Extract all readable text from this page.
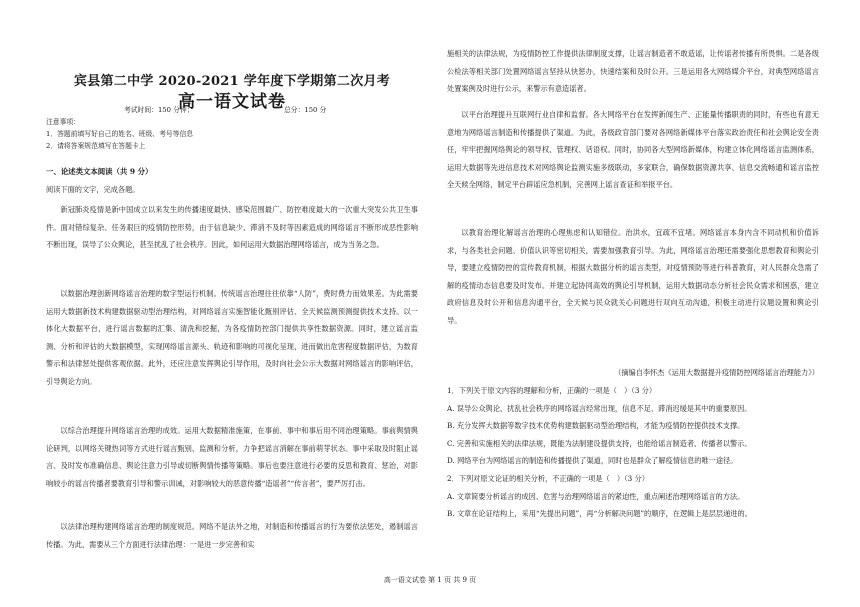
宾县第二中学 2020-2021 学年度下学期第二次月考
高一语文试卷
考试时间：150 分钟；	总分：150 分
注意事项：
1．答题前填写好自己的姓名、班级、考号等信息
2．请将答案规范填写在答题卡上
一、论述类文本阅读（共 9 分）
阅读下面的文字，完成各题。

新冠肺炎疫情是新中国成立以来发生的传播速度最快、感染范围最广、防控难度最大的一次重大突发公共卫生事件。面对错综复杂、任务艰巨的疫情防控形势，由于信息缺少、滞消不及时等因素造成的网络谣言不断形成恶性影响不断出现，误导了公众舆论，甚至扰乱了社会秩序。因此，如何运用大数据治理网络谣言，成为当务之急。

以数据治理创新网络谣言治理的数字型运行机制。传统谣言治理往往依靠“人防”，费时费力而效果差。为此需要运用大数据新技术构建数据驱动型治理结构，对网络谣言实施智能化甄别评估、全天候监测预测提供技术支持。以一体化大数据平台，进行谣言数据的汇集、清洗和挖掘，为各疫情防控部门提供共享性数据资源。同时，建立谣言监测、分析和评估的大数据模型，实现网络谣言源头、轨迹和影响的可视化呈现，进而做出危害程度数据评估，为数育警示和法律惩处提供客观依据。此外，还应注意发挥舆论引导作用，及时向社会公示大数据对网络谣言的影响评估，引导舆论方向。

以综合治理提升网络谣言治理的成效。运用大数据精准施策，在事前、事中和事后用不同治理策略。事前舆情舆论研判，以网络关键热词等方式进行谣言甄别、监测和分析，力争把谣言消解在事前萌芽状态。事中采取及时阻止谣言、及时发布准确信息、舆论注意力引导或切断舆情传播等策略。事后也要注意进行必要的反思和教育、惩治，对影响较小的谣言传播者要教育引导和警示训诫，对影响较大的恶意传播“造谣者”“传言者”，要严厉打击。

以法律治理构建网络谣言治理的制度规范。网络不是法外之地，对制造和传播谣言的行为要依法惩处，遏制谣言传播。为此，需要从三个方面进行法律治理：一是进一步完善和实

施相关的法律法规，为疫情防控工作提供法律制度支撑，让谣言制造者不敢造谣，让传谣者传播有所畏惧。二是各级公检法等相关部门处置网络谣言坚持从快惩办，快速结案和及时公开。三是运用各大网络媒介平台，对典型网络谣言处置案例及时进行公示，来警示有意造谣者。

以平台治理提升互联网行业自律和监督。各大网络平台在发挥新闻生产、正能量传播职责的同时，有些也有意无意地为网络谣言制造和传播提供了渠道。为此，各级政官部门要对各网络新媒体平台落实政治责任和社会舆论安全责任，牢牢把握网络舆论的领导权、管理权、话语权。同时，协同各大型网络新媒体，构建立体化网络谣言监测体系，运用大数据等先进信息技术对网络舆论监测实施多级联动，多家联合，确保数据资源共享、信息交流畅通和谣言监控全天候全网络，制定平台辟谣应急机制，完善网上谣言查证和举报平台。

以教育治理化解谣言治理的心理焦虑和认知错位。治洪水，宜疏不宜堵。网络谣言本身内含不同动机和价值诉求，与各类社会问题、价值认识等密切相关，需要加强教育引导。为此，网络谣言治理还需要强化思想教育和舆论引导，要建立疫情防控的宣传教育机制，根据大数据分析的谣言类型，对疫情预防等进行科普教育，对人民群众急需了解的疫情动态信息要及时发布。并建立起协同高效的舆论引导机制，运用大数据动态分析社会民众需求和困惑，建立政府信息及时公开和信息沟通平台，全天候与民众就关心问题进行双向互动沟通，积极主动进行议题设置和舆论引导。

（摘编自李怀杰《运用大数据提升疫情防控网络谣言治理能力》）
1．下列关于原文内容的理解和分析，正确的一项是（　）（3 分）
A. 误导公众舆论、扰乱社会秩序的网络谣言经常出现，信息不足、滞消迟缓是其中的重要原因。
B. 充分发挥大数据等数字技术优势构建数据驱动型治理结构，才能为疫情防控提供技术支撑。
C. 完善和实施相关的法律法规，既能为法制建设提供支持，也能给谣言制造者、传播者以警示。
D. 网络平台为网络谣言的制造和传播提供了渠道，同时也是群众了解疫情信息的唯一途径。
2．下列对原文论证的相关分析，不正确的一项是（　）（3 分）
A. 文章简要分析谣言的成因、危害与治理网络谣言的紧迫性，重点阐述治理网络谣言的方法。
B. 文章在论证结构上，采用“先提出问题”，再“分析解决问题”的顺序，在逻辑上是层层递进的。
高一语文试卷 第 1 页 共 9 页
